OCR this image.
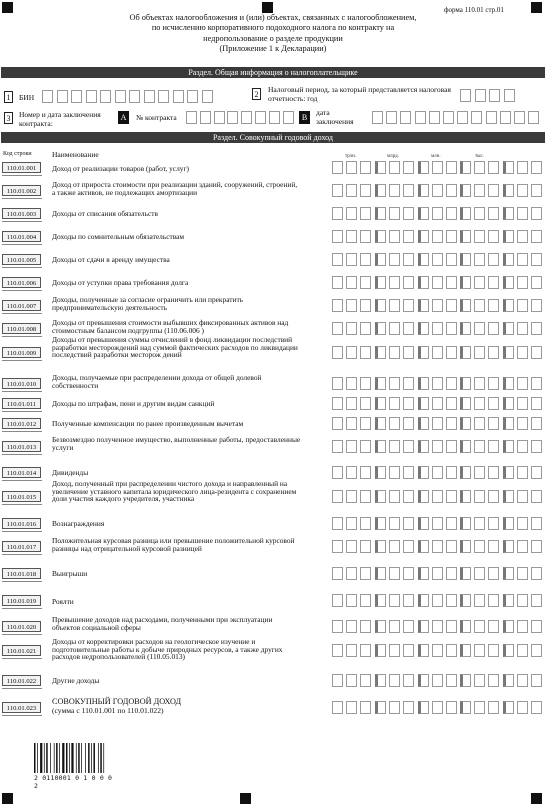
форма 110.01 стр.01
Об объектах налогообложения и (или) объектах, связанных с налогообложением,
по исчислению корпоративного подоходного налога по контракту на
недропользование о разделе продукции
(Приложение 1 к Декларации)
Раздел. Общая информация о налогоплательщике
1	БИН	2
Налоговый период, за который представляется налоговая отчетность: год
3	Номер и дата заключения контракта:
A	№ контракта	B
дата заключения
Раздел. Совокупный годовой доход
Код строки	Наименование	трлн.	млрд.	млн.	тыс.
110.01.001	Доход от реализации товаров (работ, услуг)
110.01.002
Доход от прироста стоимости при реализации зданий, сооружений, строений, а также активов, не подлежащих амортизации
110.01.003	Доходы от списания обязательств
110.01.004	Доходы по сомнительным обязательствам
110.01.005	Доходы от сдачи в аренду имущества
110.01.006	Доходы от уступки права требования долга
110.01.007
Доходы, полученные за согласие ограничить или прекратить предпринимательскую деятельность
110.01.008
Доходы от превышения стоимости выбывших фиксированных активов над стоимостным балансом подгруппы (110.06.006 )
110.01.009
Доходы от превышения суммы отчислений в фонд ликвидации последствий разработки месторождений над суммой фактических расходов по ликвидации последствий разработки месторож дений
110.01.010
Доходы, получаемые при распределении дохода от общей долевой собственности
110.01.011	Доходы по штрафам, пени и другим видам санкций
110.01.012	Полученные компенсации по ранее произведенным вычетам
110.01.013
Безвозмездно полученное имущество, выполненные работы, предоставленные услуги
110.01.014	Дивиденды
110.01.015
Доход, полученный при распределении чистого дохода и направленный на увеличение уставного капитала юридического лица-резидента с сохранением доли участия каждого учредителя, участника
110.01.016	Вознаграждения
110.01.017
Положительная курсовая разница или превышение положительной курсовой разницы над отрицательной курсовой разницей
110.01.018	Выигрыши
110.01.019	Роялти
110.01.020
Превышение доходов над расходами, полученными при эксплуатации объектов социальной сферы
110.01.021
Доходы от корректировки расходов на геологическое изучение и подготовительные работы к добыче природных ресурсов, а также других расходов недропользователей (110.05.013)
110.01.022	Другие доходы
110.01.023
СОВОКУПНЫЙ ГОДОВОЙ ДОХОД
(сумма с 110.01.001 по 110.01.022)
2 0110001 0 1 0 0 0 2
